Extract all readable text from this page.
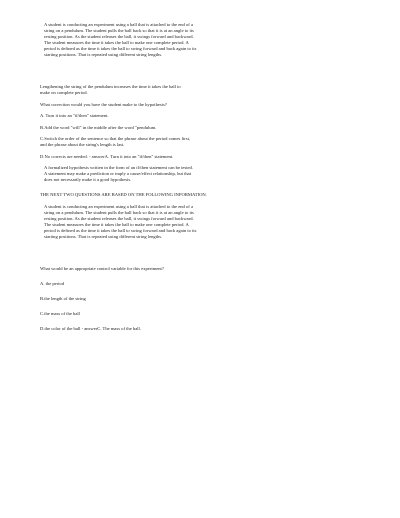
A student is conducting an experiment using a ball that is attached to the end of a
string on a pendulum. The student pulls the ball back so that it is at an angle to its
resting position. As the student releases the ball, it swings forward and backward.
The student measures the time it takes the ball to make one complete period. A
period is defined as the time it takes the ball to swing forward and back again to its
starting positions. That is repeated using different string lengths.

Lengthening the string of the pendulum increases the time it takes the ball to
make on complete period.

What correction would you have the student make to the hypothesis?

A. Turn it into an "if/then" statement.

B.Add the word "will" in the middle after the word "pendulum.

C.Switch the order of the sentence so that the phrase about the period comes first,
and the phrase about the string's length is last.

D.No corrects are needed. - answerA. Turn it into an "if/then" statement.

A formalized hypothesis written in the form of an if/then statement can be tested.
A statement may make a prediction or imply a cause/effect relationship, but that
does not necessarily make it a good hypothesis.

THE NEXT TWO QUESTIONS ARE BASED ON THE FOLLOWING INFORMATION.

A student is conducting an experiment using a ball that is attached to the end of a
string on a pendulum. The student pulls the ball back so that it is at an angle to its
resting position. As the student releases the ball, it swings forward and backward.
The student measures the time it takes the ball to make one complete period. A
period is defined as the time it takes the ball to swing forward and back again to its
starting positions. That is repeated using different string lengths.

What would be an appropriate control variable for this experiment?

A. the period

B.the length of the string

C.the mass of the ball

D.the color of the ball - answerC. The mass of the ball.
